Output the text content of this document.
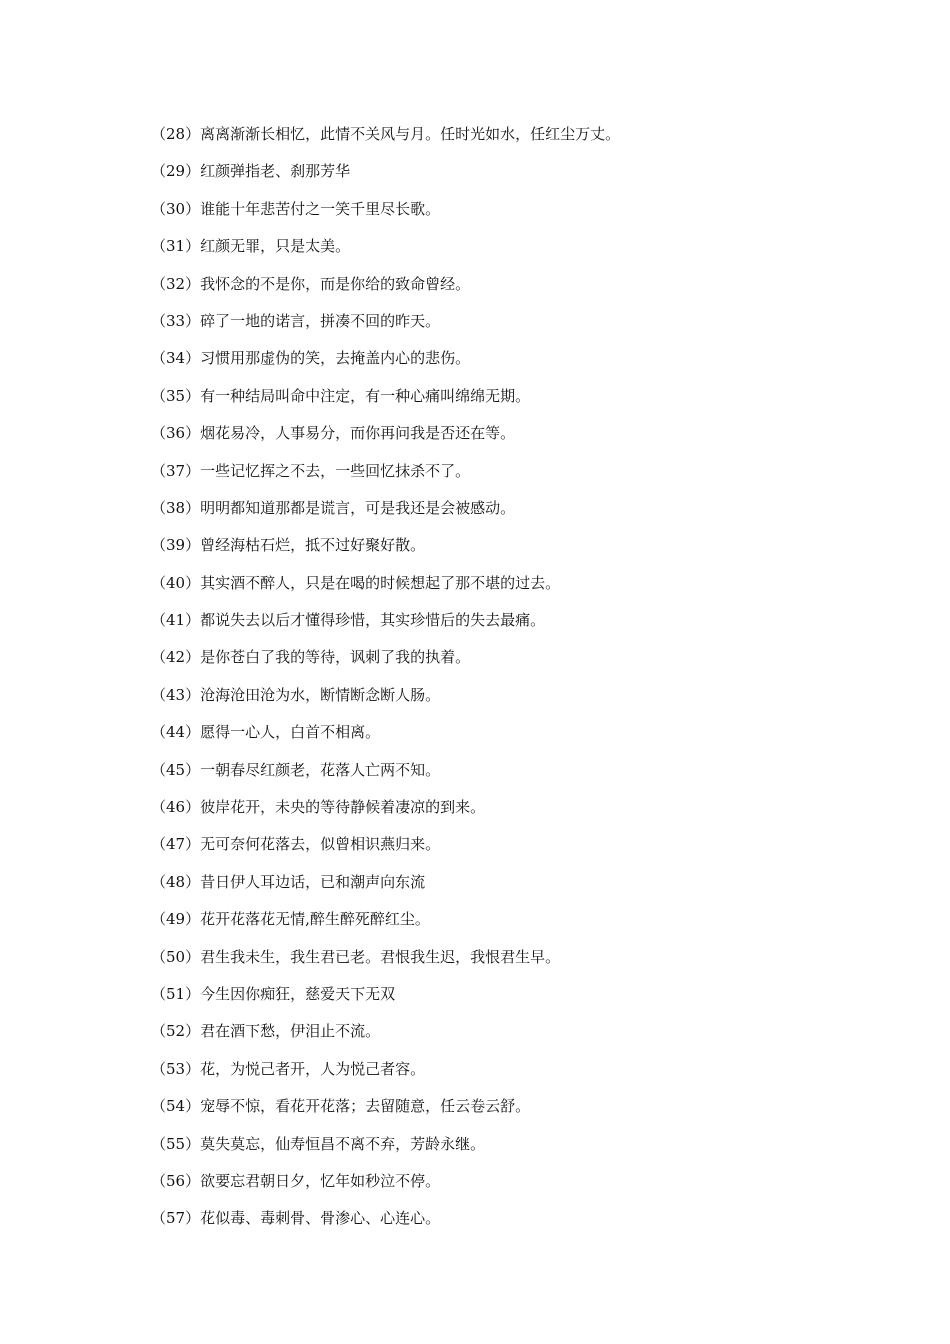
（28）离离渐渐长相忆，此情不关风与月。任时光如水，任红尘万丈。
（29）红颜弹指老、刹那芳华
（30）谁能十年悲苦付之一笑千里尽长歌。
（31）红颜无罪，只是太美。
（32）我怀念的不是你，而是你给的致命曾经。
（33）碎了一地的诺言，拼凑不回的昨天。
（34）习惯用那虚伪的笑，去掩盖内心的悲伤。
（35）有一种结局叫命中注定，有一种心痛叫绵绵无期。
（36）烟花易冷，人事易分，而你再问我是否还在等。
（37）一些记忆挥之不去，一些回忆抹杀不了。
（38）明明都知道那都是谎言，可是我还是会被感动。
（39）曾经海枯石烂，抵不过好聚好散。
（40）其实酒不醉人，只是在喝的时候想起了那不堪的过去。
（41）都说失去以后才懂得珍惜，其实珍惜后的失去最痛。
（42）是你苍白了我的等待，讽刺了我的执着。
（43）沧海沧田沧为水，断情断念断人肠。
（44）愿得一心人，白首不相离。
（45）一朝春尽红颜老，花落人亡两不知。
（46）彼岸花开，未央的等待静候着凄凉的到来。
（47）无可奈何花落去，似曾相识燕归来。
（48）昔日伊人耳边话，已和潮声向东流
（49）花开花落花无情,醉生醉死醉红尘。
（50）君生我未生，我生君已老。君恨我生迟，我恨君生早。
（51）今生因你痴狂，慈爱天下无双
（52）君在酒下愁，伊泪止不流。
（53）花，为悦己者开，人为悦己者容。
（54）宠辱不惊，看花开花落；去留随意，任云卷云舒。
（55）莫失莫忘，仙寿恒昌不离不弃，芳龄永继。
（56）欲要忘君朝日夕，忆年如秒泣不停。
（57）花似毒、毒刺骨、骨渗心、心连心。
